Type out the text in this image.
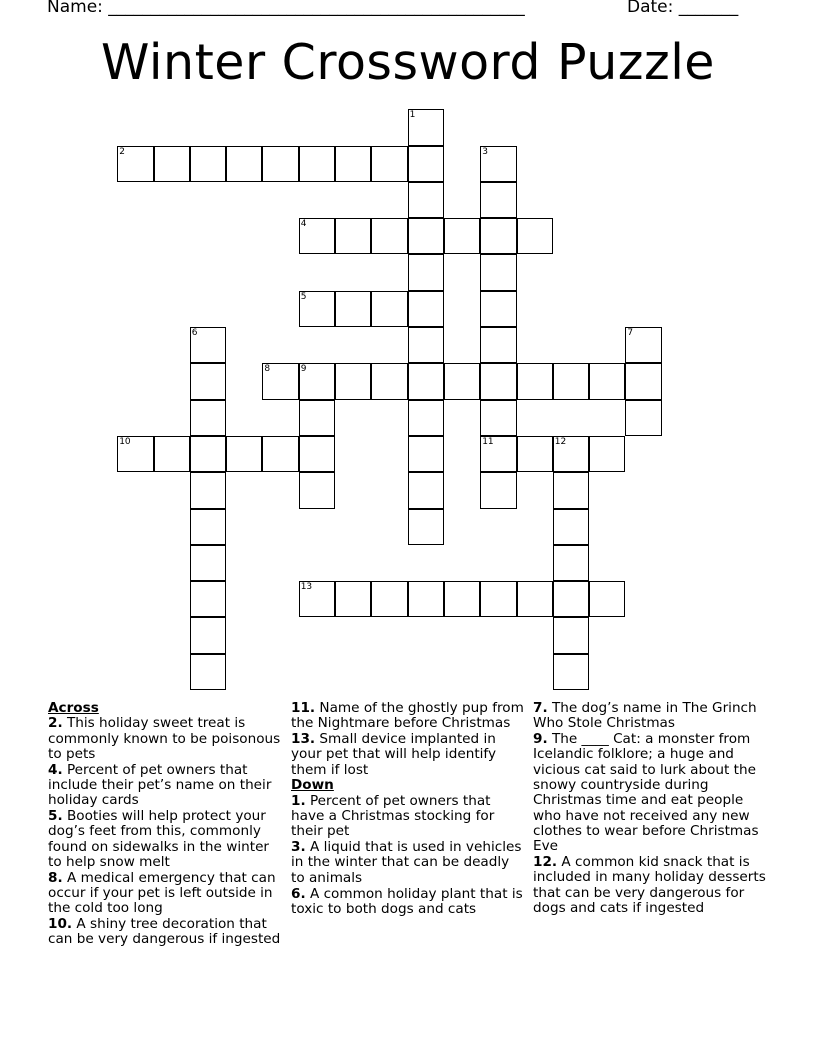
Name: _________________________________________________	Date: _______
Winter Crossword Puzzle
1
2	3
11
4
5
6	7
8	9
10	12
13

Across

2. This holiday sweet treat is commonly known to be poisonous to pets

4. Percent of pet owners that include their pet’s name on their holiday cards

5. Booties will help protect your dog’s feet from this, commonly found on sidewalks in the winter to help snow melt

8. A medical emergency that can occur if your pet is left outside in the cold too long

10. A shiny tree decoration that can be very dangerous if ingested

11. Name of the ghostly pup from the Nightmare before Christmas

13. Small device implanted in your pet that will help identify them if lost

Down

1. Percent of pet owners that have a Christmas stocking for their pet

3. A liquid that is used in vehicles in the winter that can be deadly to animals

6. A common holiday plant that is toxic to both dogs and cats

7. The dog’s name in The Grinch Who Stole Christmas

9. The ____ Cat: a monster from Icelandic folklore; a huge and vicious cat said to lurk about the snowy countryside during Christmas time and eat people who have not received any new clothes to wear before Christmas Eve

12. A common kid snack that is included in many holiday desserts that can be very dangerous for dogs and cats if ingested
